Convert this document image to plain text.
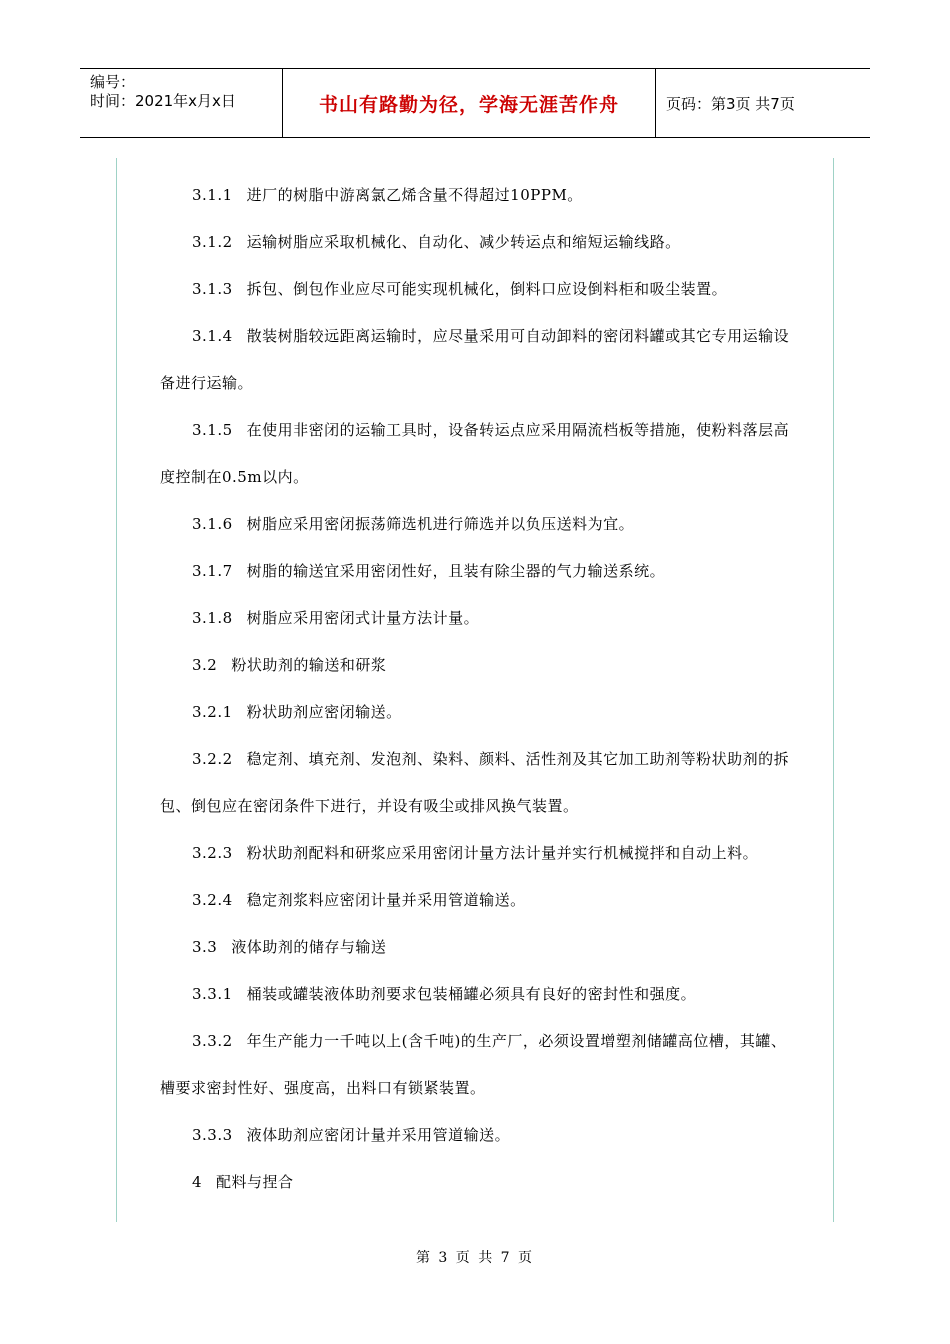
编号：
时间：2021年x月x日	书山有路勤为径，学海无涯苦作舟	页码：第3页 共7页

3.1.1 进厂的树脂中游离氯乙烯含量不得超过10PPM。

3.1.2 运输树脂应采取机械化、自动化、减少转运点和缩短运输线路。

3.1.3 拆包、倒包作业应尽可能实现机械化，倒料口应设倒料柜和吸尘装置。

3.1.4 散装树脂较远距离运输时，应尽量采用可自动卸料的密闭料罐或其它专用运输设备进行运输。

3.1.5 在使用非密闭的运输工具时，设备转运点应采用隔流档板等措施，使粉料落层高度控制在0.5m以内。

3.1.6 树脂应采用密闭振荡筛选机进行筛选并以负压送料为宜。

3.1.7 树脂的输送宜采用密闭性好，且装有除尘器的气力输送系统。

3.1.8 树脂应采用密闭式计量方法计量。

3.2 粉状助剂的输送和研浆

3.2.1 粉状助剂应密闭输送。

3.2.2 稳定剂、填充剂、发泡剂、染料、颜料、活性剂及其它加工助剂等粉状助剂的拆包、倒包应在密闭条件下进行，并设有吸尘或排风换气装置。

3.2.3 粉状助剂配料和研浆应采用密闭计量方法计量并实行机械搅拌和自动上料。

3.2.4 稳定剂浆料应密闭计量并采用管道输送。

3.3 液体助剂的储存与输送

3.3.1 桶装或罐装液体助剂要求包装桶罐必须具有良好的密封性和强度。

3.3.2 年生产能力一千吨以上(含千吨)的生产厂，必须设置增塑剂储罐高位槽，其罐、槽要求密封性好、强度高，出料口有锁紧装置。

3.3.3 液体助剂应密闭计量并采用管道输送。

4 配料与捏合

第 3 页 共 7 页
